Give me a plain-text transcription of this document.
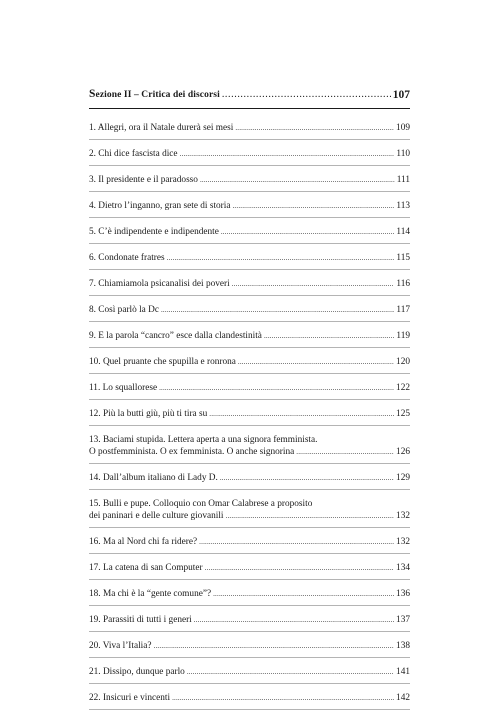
Sezione II – Critica dei discorsi .....	107
1. Allegri, ora il Natale durerà sei mesi .....	109
2. Chi dice fascista dice .....	110
3. Il presidente e il paradosso .....	111
4. Dietro l’inganno, gran sete di storia .....	113
5. C’è indipendente e indipendente .....	114
6. Condonate fratres .....	115
7. Chiamiamola psicanalisi dei poveri .....	116
8. Così parlò la Dc .....	117
9. E la parola “cancro” esce dalla clandestinità .....	119
10. Quel pruante che spupilla e ronrona .....	120
11. Lo squallorese .....	122
12. Più la butti giù, più ti tira su .....	125
13. Baciami stupida. Lettera aperta a una signora femminista.
O postfemminista. O ex femminista. O anche signorina .....	126
14. Dall’album italiano di Lady D. .....	129
15. Bulli e pupe. Colloquio con Omar Calabrese a proposito
dei paninari e delle culture giovanili .....	132
16. Ma al Nord chi fa ridere? .....	132
17. La catena di san Computer .....	134
18. Ma chi è la “gente comune”? .....	136
19. Parassiti di tutti i generi .....	137
20. Viva l’Italia? .....	138
21. Dissipo, dunque parlo .....	141
22. Insicuri e vincenti .....	142
